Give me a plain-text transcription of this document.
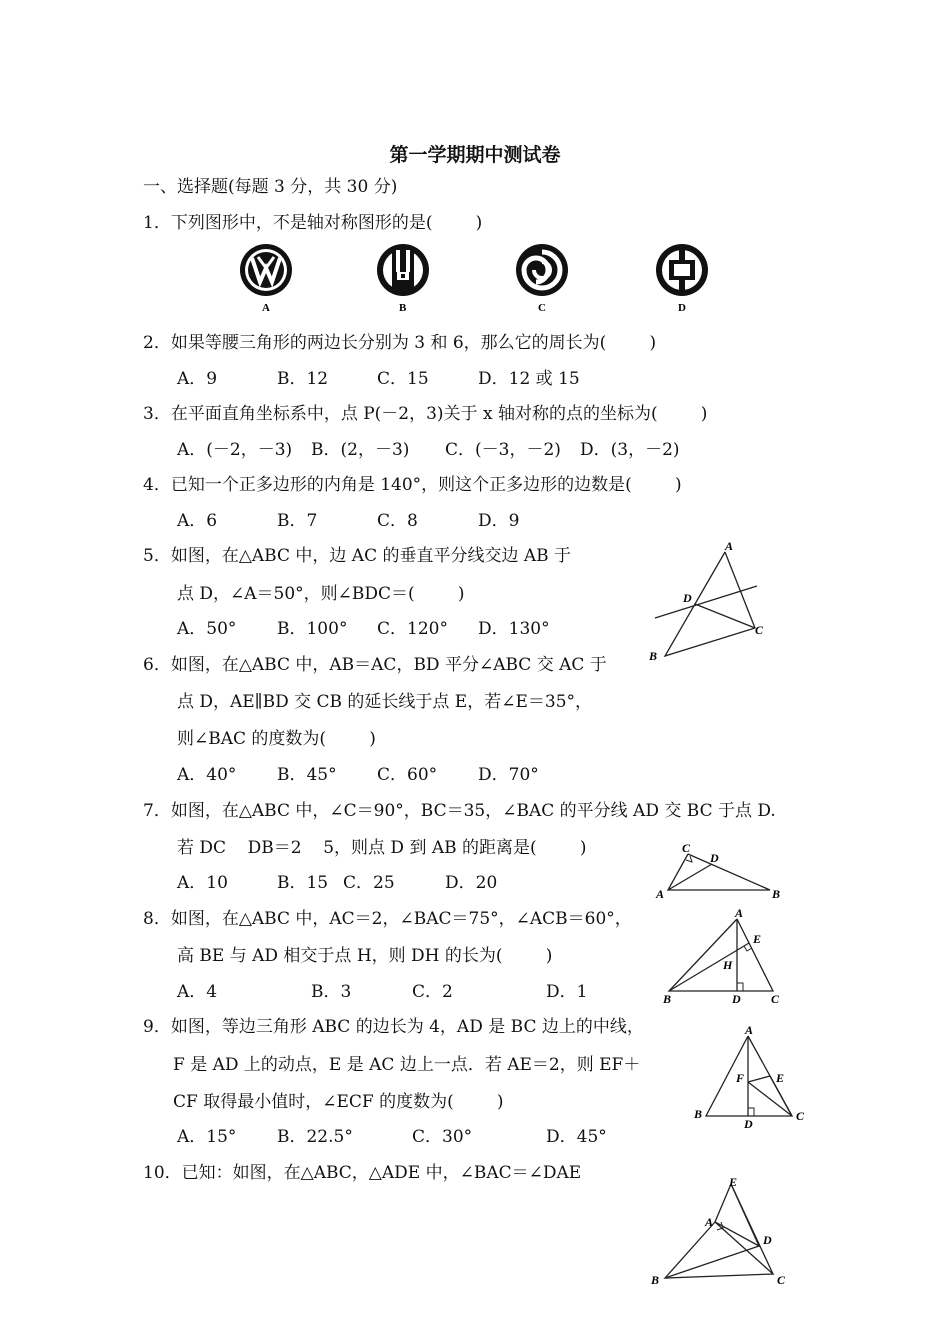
第一学期期中测试卷
一、选择题(每题 3 分，共 30 分)
1．下列图形中，不是轴对称图形的是(        )
A	B	C	D
2．如果等腰三角形的两边长分别为 3 和 6，那么它的周长为(        )
A．9	B．12	C．15	D．12 或 15
3．在平面直角坐标系中，点 P(－2，3)关于 x 轴对称的点的坐标为(        )
A．(－2，－3) B．(2，－3) C．(－3，－2) D．(3，－2)
4．已知一个正多边形的内角是 140°，则这个正多边形的边数是(        )
A．6	B．7	C．8	D．9
5．如图，在△ABC 中，边 AC 的垂直平分线交边 AB 于
点 D，∠A＝50°，则∠BDC＝(        )
A．50° B．100° C．120° D．130°
A
D
B
C
6．如图，在△ABC 中，AB＝AC，BD 平分∠ABC 交 AC 于
点 D，AE∥BD 交 CB 的延长线于点 E，若∠E＝35°，
则∠BAC 的度数为(        )
A．40° B．45° C．60° D．70°
7．如图，在△ABC 中，∠C＝90°，BC＝35，∠BAC 的平分线 AD 交 BC 于点 D.
若 DC    DB＝2    5，则点 D 到 AB 的距离是(        )
A．10	B．15 C．25	D．20
C
D
A	B
8．如图，在△ABC 中，AC＝2，∠BAC＝75°，∠ACB＝60°，
高 BE 与 AD 相交于点 H，则 DH 的长为(        )
A．4	B．3	C．2	D．1
A
E
H
B	D	C
9．如图，等边三角形 ABC 的边长为 4，AD 是 BC 边上的中线，
F 是 AD 上的动点，E 是 AC 边上一点．若 AE＝2，则 EF＋
CF 取得最小值时，∠ECF 的度数为(        )
A．15° B．22.5°	C．30°	D．45°
A
F	E
B
D
C
10．已知：如图，在△ABC，△ADE 中，∠BAC＝∠DAE	E
A
D
B	C
